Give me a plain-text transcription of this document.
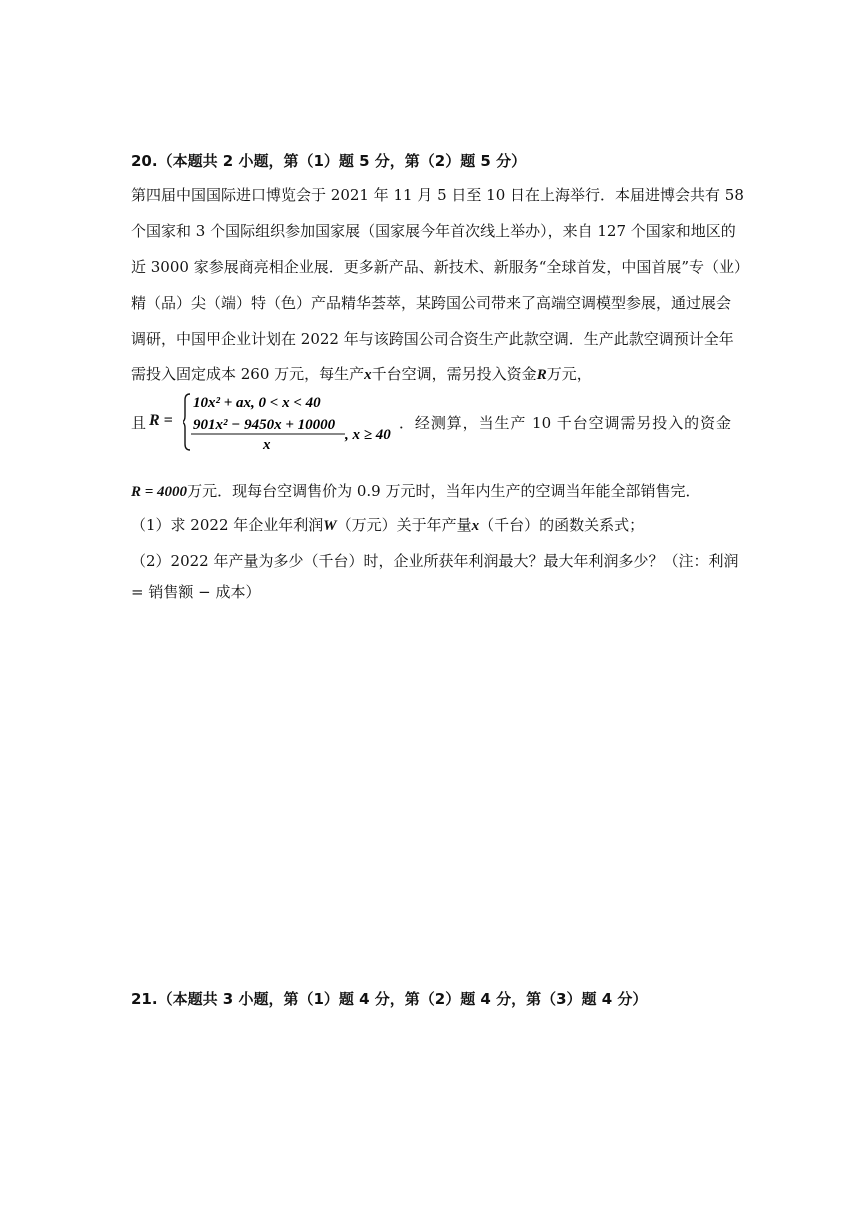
20.（本题共 2 小题，第（1）题 5 分，第（2）题 5 分）
第四届中国国际进口博览会于 2021 年 11 月 5 日至 10 日在上海举行．本届进博会共有 58
个国家和 3 个国际组织参加国家展（国家展今年首次线上举办），来自 127 个国家和地区的
近 3000 家参展商亮相企业展．更多新产品、新技术、新服务“全球首发，中国首展”专（业）
精（品）尖（端）特（色）产品精华荟萃，某跨国公司带来了高端空调模型参展，通过展会
调研，中国甲企业计划在 2022 年与该跨国公司合资生产此款空调．生产此款空调预计全年
需投入固定成本 260 万元，每生产x千台空调，需另投入资金R万元，
且 R =
10x² + ax, 0 < x < 40
901x² − 9450x + 10000
x
, x ≥ 40
．经测算，当生产 10 千台空调需另投入的资金
R = 4000万元．现每台空调售价为 0.9 万元时，当年内生产的空调当年能全部销售完．
（1）求 2022 年企业年利润W（万元）关于年产量x（千台）的函数关系式；
（2）2022 年产量为多少（千台）时，企业所获年利润最大？最大年利润多少？（注：利润
= 销售额 − 成本）
21.（本题共 3 小题，第（1）题 4 分，第（2）题 4 分，第（3）题 4 分）
